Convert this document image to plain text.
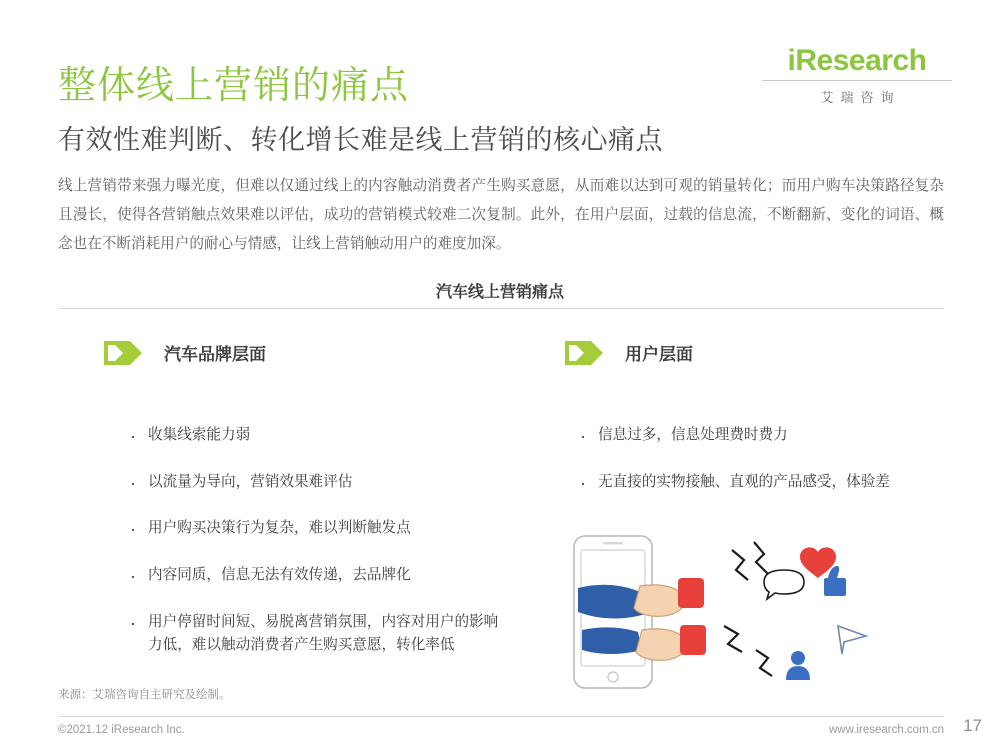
iResearch
艾瑞咨询
整体线上营销的痛点
有效性难判断、转化增长难是线上营销的核心痛点
线上营销带来强力曝光度，但难以仅通过线上的内容触动消费者产生购买意愿，从而难以达到可观的销量转化；而用户购车决策路径复杂且漫长，使得各营销触点效果难以评估，成功的营销模式较难二次复制。此外，在用户层面，过载的信息流，不断翻新、变化的词语、概念也在不断消耗用户的耐心与情感，让线上营销触动用户的难度加深。
汽车线上营销痛点
汽车品牌层面	用户层面
· 收集线索能力弱
· 以流量为导向，营销效果难评估
· 用户购买决策行为复杂，难以判断触发点
· 内容同质，信息无法有效传递，去品牌化
· 用户停留时间短、易脱离营销氛围，内容对用户的影响力低，难以触动消费者产生购买意愿，转化率低
· 信息过多，信息处理费时费力
· 无直接的实物接触、直观的产品感受，体验差
来源：艾瑞咨询自主研究及绘制。
©2021.12 iResearch Inc.	www.iresearch.com.cn 17
